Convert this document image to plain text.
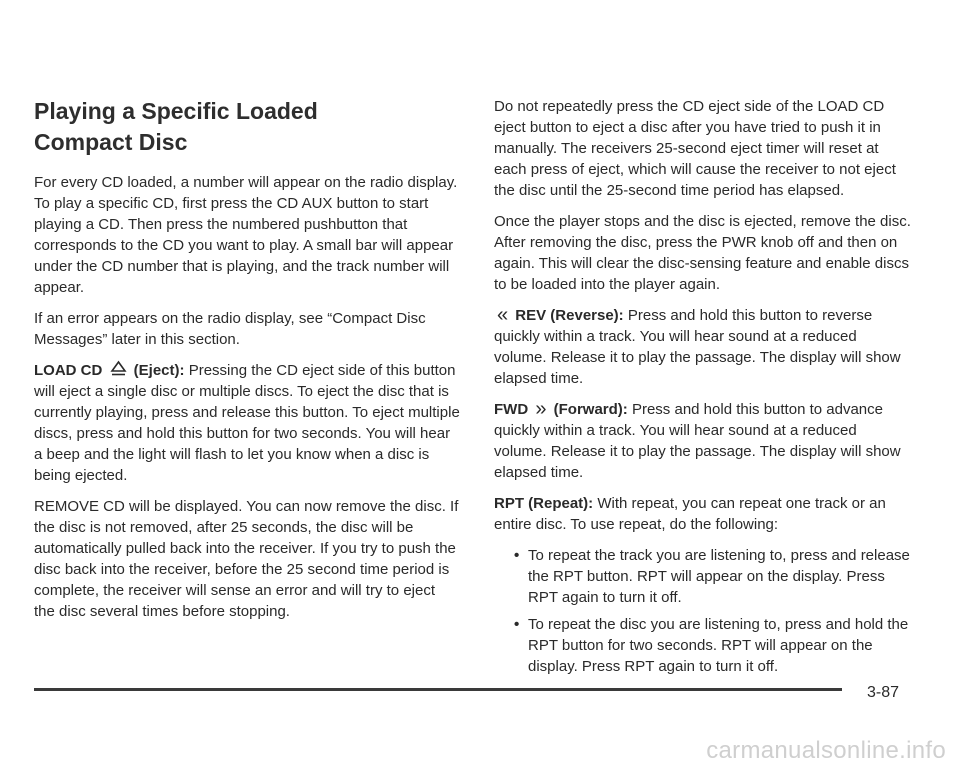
Playing a Specific Loaded
Compact Disc

For every CD loaded, a number will appear on the radio display. To play a specific CD, first press the CD AUX button to start playing a CD. Then press the numbered pushbutton that corresponds to the CD you want to play. A small bar will appear under the CD number that is playing, and the track number will appear.

If an error appears on the radio display, see “Compact Disc Messages” later in this section.

LOAD CD (Eject): Pressing the CD eject side of this button will eject a single disc or multiple discs. To eject the disc that is currently playing, press and release this button. To eject multiple discs, press and hold this button for two seconds. You will hear a beep and the light will flash to let you know when a disc is being ejected.

REMOVE CD will be displayed. You can now remove the disc. If the disc is not removed, after 25 seconds, the disc will be automatically pulled back into the receiver. If you try to push the disc back into the receiver, before the 25 second time period is complete, the receiver will sense an error and will try to eject the disc several times before stopping.

Do not repeatedly press the CD eject side of the LOAD CD eject button to eject a disc after you have tried to push it in manually. The receivers 25-second eject timer will reset at each press of eject, which will cause the receiver to not eject the disc until the 25-second time period has elapsed.

Once the player stops and the disc is ejected, remove the disc. After removing the disc, press the PWR knob off and then on again. This will clear the disc-sensing feature and enable discs to be loaded into the player again.

« REV (Reverse): Press and hold this button to reverse quickly within a track. You will hear sound at a reduced volume. Release it to play the passage. The display will show elapsed time.

FWD » (Forward): Press and hold this button to advance quickly within a track. You will hear sound at a reduced volume. Release it to play the passage. The display will show elapsed time.

RPT (Repeat): With repeat, you can repeat one track or an entire disc. To use repeat, do the following:

• To repeat the track you are listening to, press and release the RPT button. RPT will appear on the display. Press RPT again to turn it off.
• To repeat the disc you are listening to, press and hold the RPT button for two seconds. RPT will appear on the display. Press RPT again to turn it off.
3-87
carmanualsonline.info
